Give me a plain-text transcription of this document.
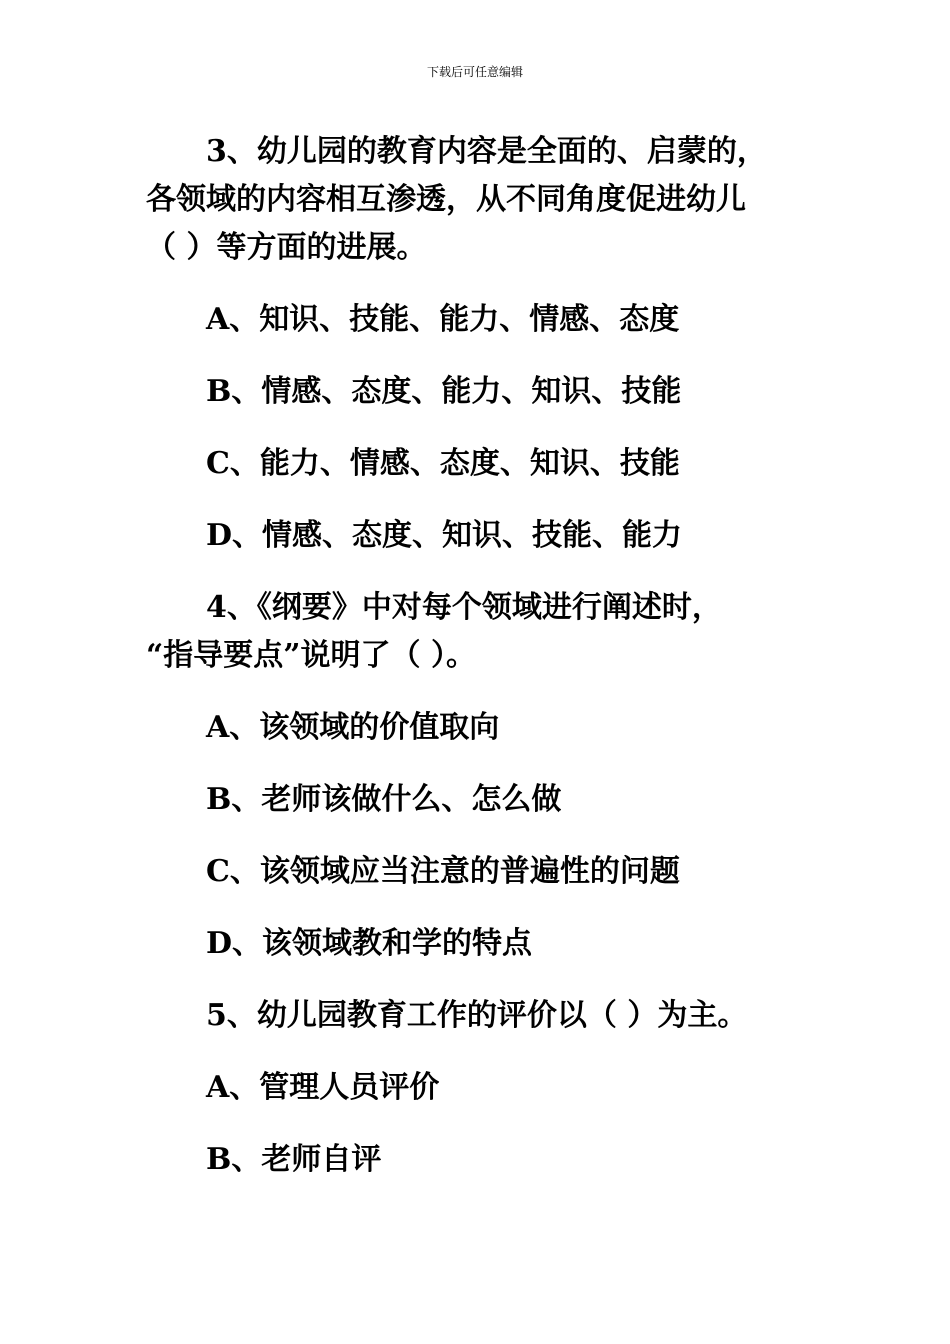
下载后可任意编辑
3、幼儿园的教育内容是全面的、启蒙的，
各领域的内容相互渗透，从不同角度促进幼儿
（ ）等方面的进展。

A、知识、技能、能力、情感、态度

B、情感、态度、能力、知识、技能

C、能力、情感、态度、知识、技能

D、情感、态度、知识、技能、能力

4、《纲要》中对每个领域进行阐述时，
“指导要点”说明了（ ）。

A、该领域的价值取向

B、老师该做什么、怎么做

C、该领域应当注意的普遍性的问题

D、该领域教和学的特点

5、幼儿园教育工作的评价以（ ）为主。

A、管理人员评价

B、老师自评
